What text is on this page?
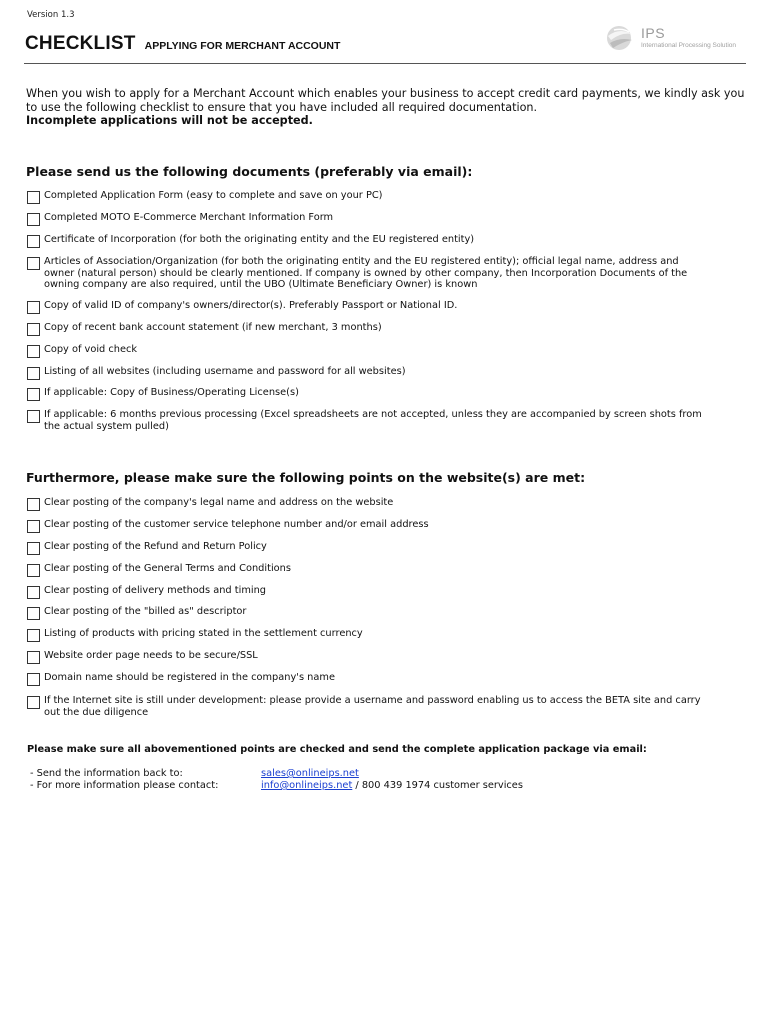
Version 1.3
CHECKLIST APPLYING FOR MERCHANT ACCOUNT
IPS
International Processing Solution
When you wish to apply for a Merchant Account which enables your business to accept credit card payments, we kindly ask you to use the following checklist to ensure that you have included all required documentation.
Incomplete applications will not be accepted.
Please send us the following documents (preferably via email):
Completed Application Form (easy to complete and save on your PC)
Completed MOTO E-Commerce Merchant Information Form
Certificate of Incorporation (for both the originating entity and the EU registered entity)
Articles of Association/Organization (for both the originating entity and the EU registered entity); official legal name, address and owner (natural person) should be clearly mentioned. If company is owned by other company, then Incorporation Documents of the owning company are also required, until the UBO (Ultimate Beneficiary Owner) is known
Copy of valid ID of company's owners/director(s). Preferably Passport or National ID.
Copy of recent bank account statement (if new merchant, 3 months)
Copy of void check
Listing of all websites (including username and password for all websites)
If applicable: Copy of Business/Operating License(s)
If applicable: 6 months previous processing (Excel spreadsheets are not accepted, unless they are accompanied by screen shots from the actual system pulled)
Furthermore, please make sure the following points on the website(s) are met:
Clear posting of the company's legal name and address on the website
Clear posting of the customer service telephone number and/or email address
Clear posting of the Refund and Return Policy
Clear posting of the General Terms and Conditions
Clear posting of delivery methods and timing
Clear posting of the "billed as" descriptor
Listing of products with pricing stated in the settlement currency
Website order page needs to be secure/SSL
Domain name should be registered in the company's name
If the Internet site is still under development: please provide a username and password enabling us to access the BETA site and carry out the due diligence
Please make sure all abovementioned points are checked and send the complete application package via email:
- Send the information back to:	sales@onlineips.net
- For more information please contact:	info@onlineips.net / 800 439 1974 customer services
